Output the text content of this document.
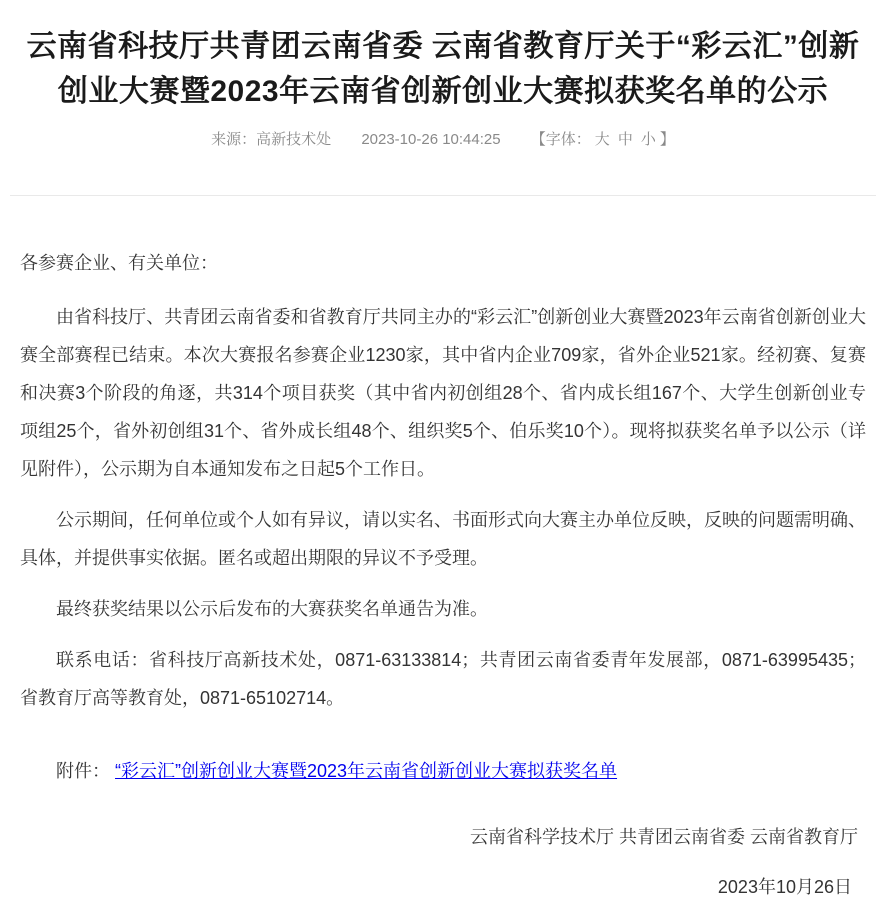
云南省科技厅共青团云南省委 云南省教育厅关于“彩云汇”创新创业大赛暨2023年云南省创新创业大赛拟获奖名单的公示
来源：高新技术处 2023-10-26 10:44:25 【字体： 大 中 小 】

各参赛企业、有关单位：

由省科技厅、共青团云南省委和省教育厅共同主办的“彩云汇”创新创业大赛暨2023年云南省创新创业大赛全部赛程已结束。本次大赛报名参赛企业1230家，其中省内企业709家，省外企业521家。经初赛、复赛和决赛3个阶段的角逐，共314个项目获奖（其中省内初创组28个、省内成长组167个、大学生创新创业专项组25个，省外初创组31个、省外成长组48个、组织奖5个、伯乐奖10个）。现将拟获奖名单予以公示（详见附件），公示期为自本通知发布之日起5个工作日。

公示期间，任何单位或个人如有异议，请以实名、书面形式向大赛主办单位反映，反映的问题需明确、具体，并提供事实依据。匿名或超出期限的异议不予受理。

最终获奖结果以公示后发布的大赛获奖名单通告为准。

联系电话：省科技厅高新技术处，0871-63133814；共青团云南省委青年发展部，0871-63995435；省教育厅高等教育处，0871-65102714。

附件： “彩云汇”创新创业大赛暨2023年云南省创新创业大赛拟获奖名单

云南省科学技术厅 共青团云南省委 云南省教育厅

2023年10月26日
